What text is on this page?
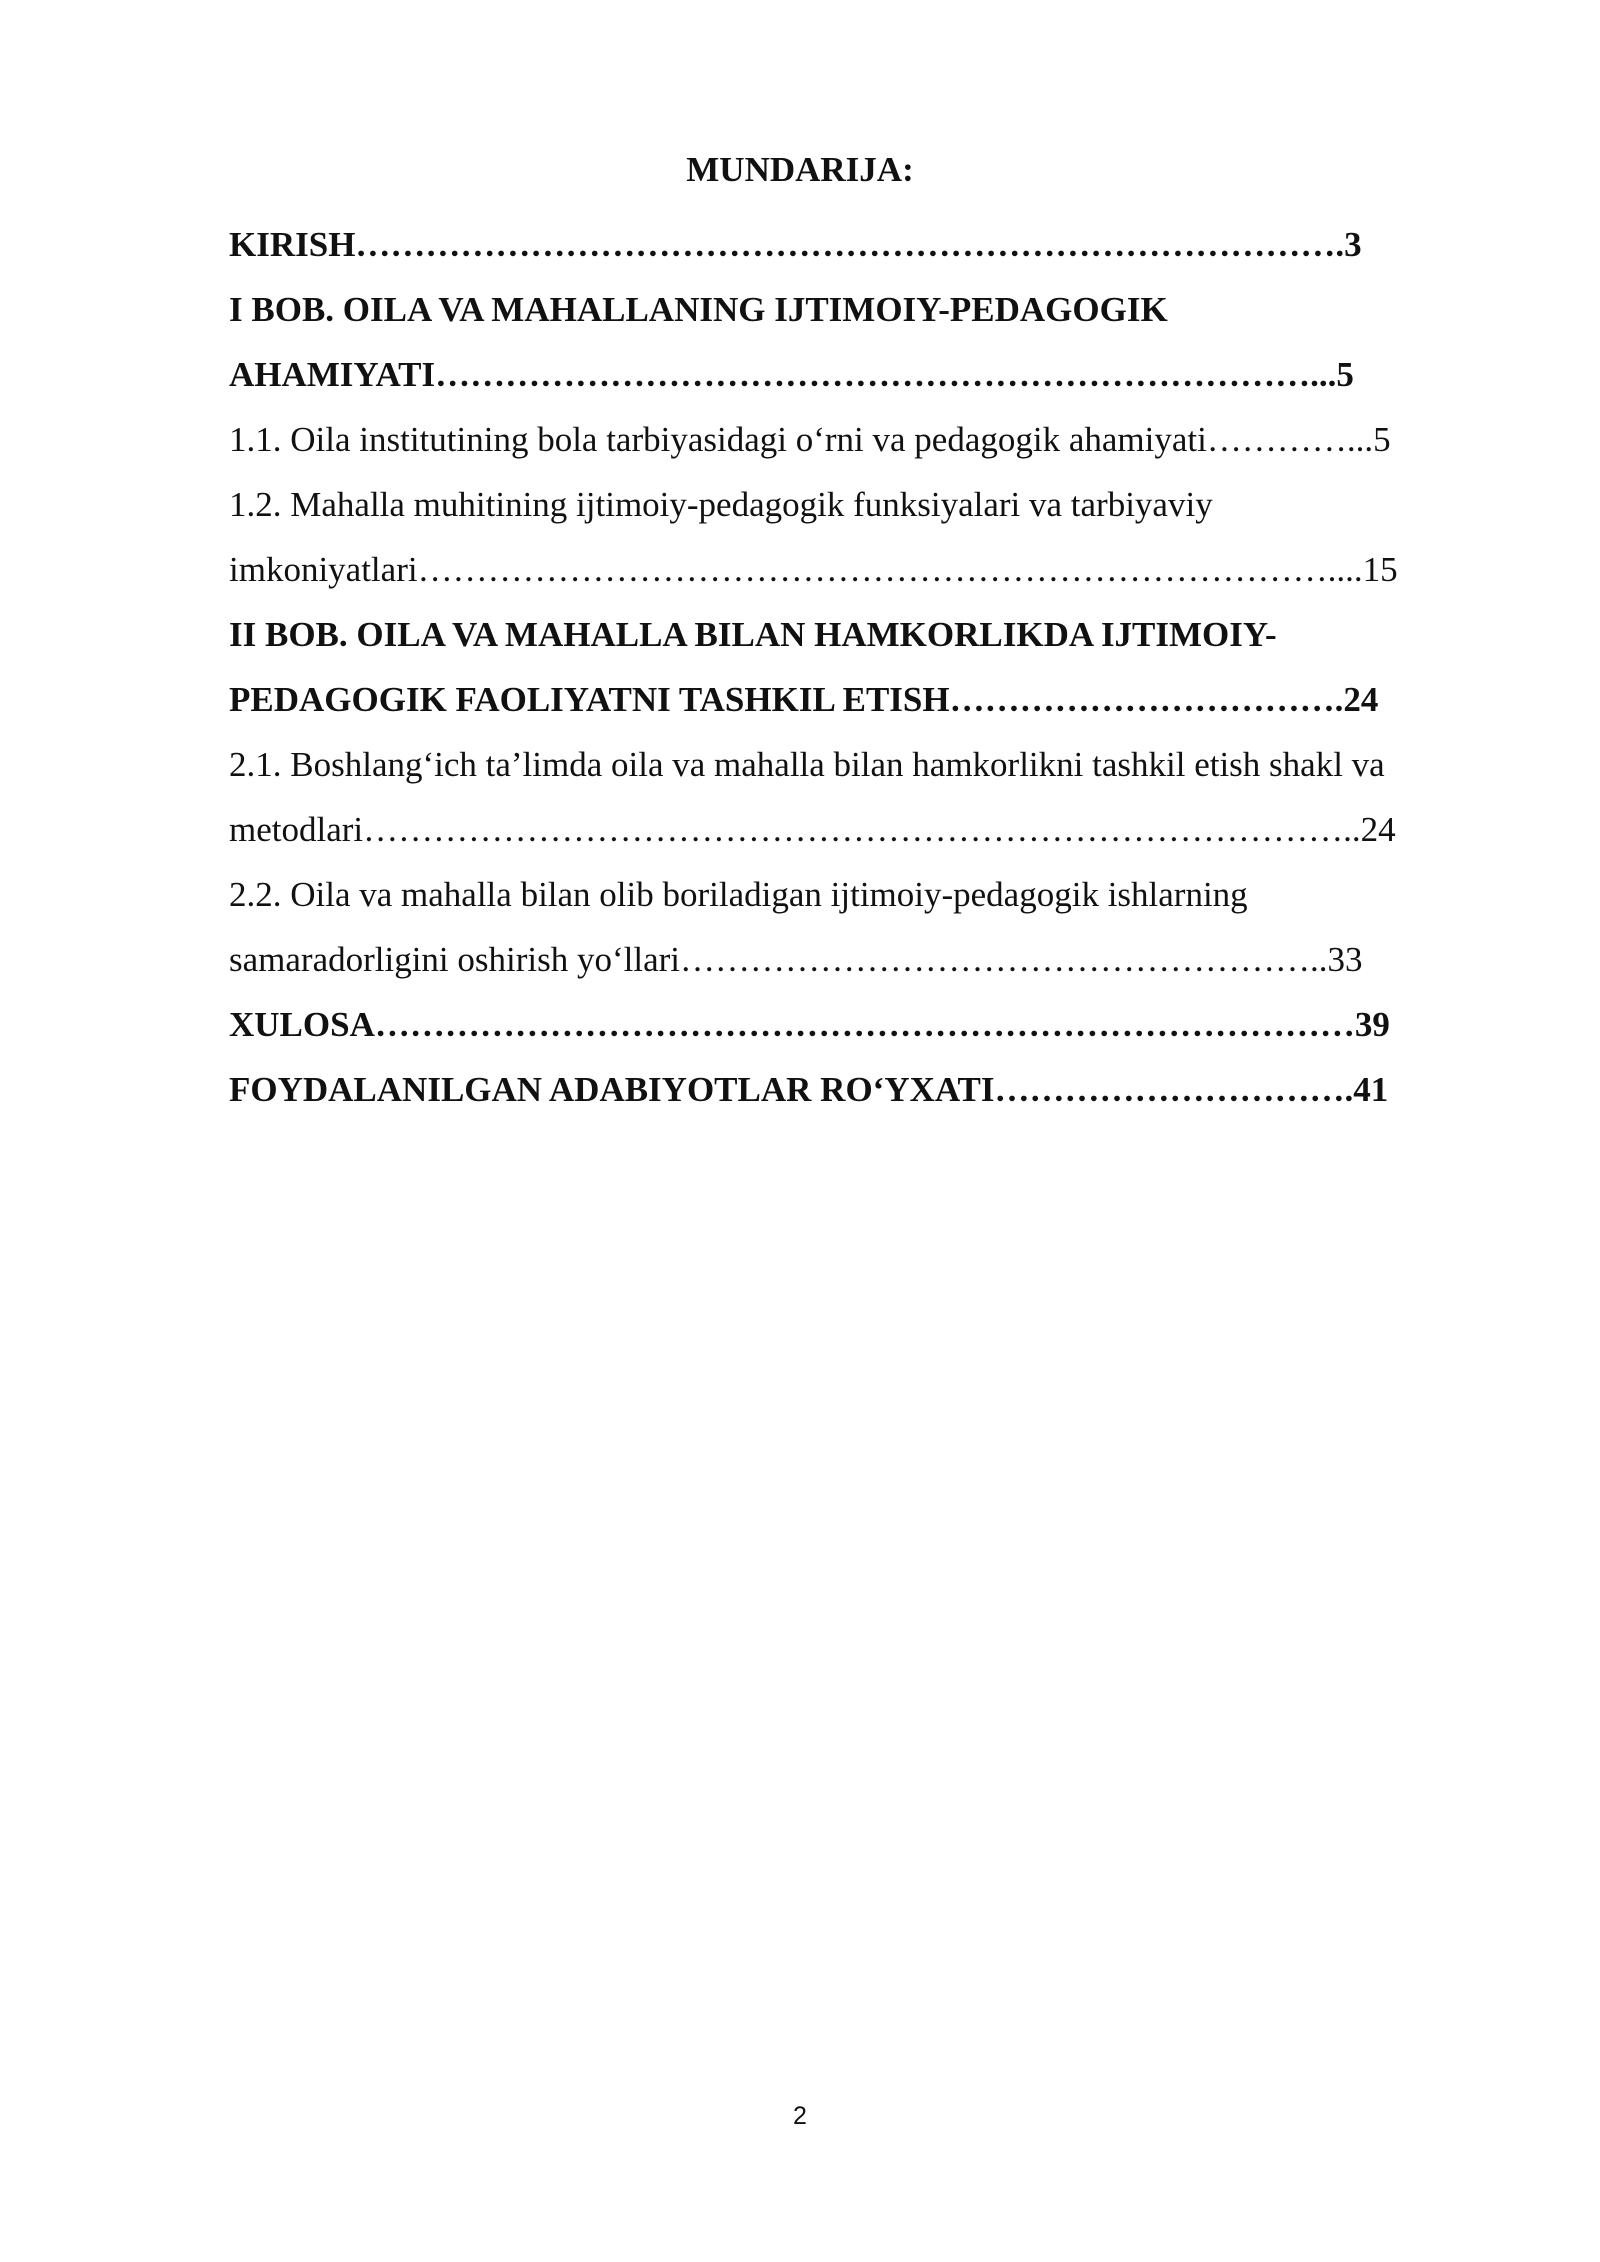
MUNDARIJA:
KIRISH………………………………………………………………………….3
I BOB. OILA VA MAHALLANING IJTIMOIY-PEDAGOGIK
AHAMIYATI…………………………………………………………………...5
1.1. Oila institutining bola tarbiyasidagi o‘rni va pedagogik ahamiyati…………...5
1.2. Mahalla muhitining ijtimoiy-pedagogik funksiyalari va tarbiyaviy
imkoniyatlari……………………………………………………………………....15
II BOB. OILA VA MAHALLA BILAN HAMKORLIKDA IJTIMOIY-
PEDAGOGIK FAOLIYATNI TASHKIL ETISH…………………………….24
2.1. Boshlang‘ich ta’limda oila va mahalla bilan hamkorlikni tashkil etish shakl va
metodlari…………………………………………………………………………..24
2.2. Oila va mahalla bilan olib boriladigan ijtimoiy-pedagogik ishlarning
samaradorligini oshirish yo‘llari………………………………………………..33
XULOSA…………………………………………………………………………39
FOYDALANILGAN ADABIYOTLAR RO‘YXATI………………………….41
2
